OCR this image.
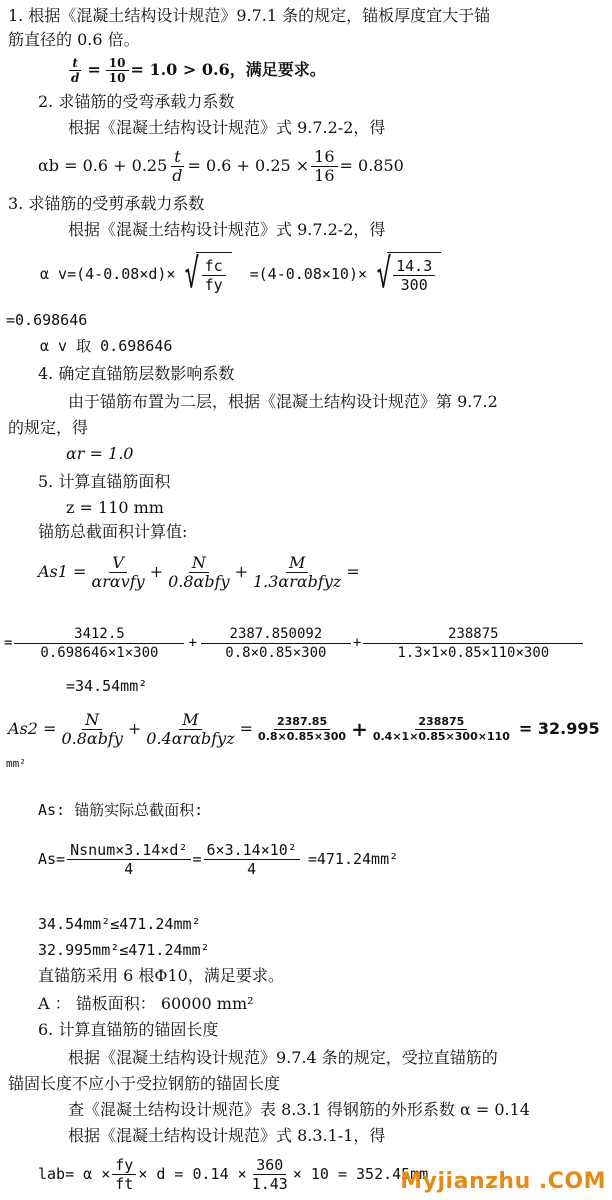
1. 根据《混凝土结构设计规范》9.7.1 条的规定，锚板厚度宜大于锚
筋直径的 0.6 倍。
$\frac{t}{d} = \frac{10}{10} = 1.0 > 0.6$，满足要求。
2. 求锚筋的受弯承载力系数
根据《混凝土结构设计规范》式 9.7.2-2，得
$\alpha b = 0.6 + 0.25 \frac{t}{d} = 0.6 + 0.25 \times \frac{16}{16} = 0.850$
3. 求锚筋的受剪承载力系数
根据《混凝土结构设计规范》式 9.7.2-2，得
α v=(4-0.08×d)× √ $\frac{fc}{fy} =(4-0.08\times 10)\times$ √ $\frac{14.3}{300}$
=0.698646
α v 取 0.698646
4. 确定直锚筋层数影响系数
由于锚筋布置为二层，根据《混凝土结构设计规范》第 9.7.2
的规定，得
αr = 1.0
5. 计算直锚筋面积
z = 110 mm
锚筋总截面积计算值:
$As1 = \frac{V}{\text{αrαvfy}} + \frac{N}{\text{0.8αbfy}} + \frac{M}{\text{1.3αrαbfyz}}$ =
= $\frac{3412.5}{0.698646\times 1\times 300} + \frac{2387.850092}{0.8\times 0.85\times 300} + \frac{238875}{1.3\times 1\times 0.85\times 110\times 300}$
=34.54mm²
$As2 = \frac{N}{\text{0.8αbfy}} + \frac{M}{\text{0.4αrαbfyz}} = \frac{2387.85}{0.8\times 0.85\times 300} + \frac{238875}{0.4\times 1\times 0.85\times 300\times 110} = 32.995$
mm²
As: 锚筋实际总截面积:
$As= \frac{\text{Nsnum×3.14×d²}}{4} = \frac{\text{6×3.14×10²}}{4} =471.24mm^2$
34.54mm²≤471.24mm²
32.995mm²≤471.24mm²
直锚筋采用 6 根Φ10，满足要求。
A ： 锚板面积： 60000 mm²
6. 计算直锚筋的锚固长度
根据《混凝土结构设计规范》9.7.4 条的规定，受拉直锚筋的
锚固长度不应小于受拉钢筋的锚固长度
查《混凝土结构设计规范》表 8.3.1 得钢筋的外形系数 α = 0.14
根据《混凝土结构设计规范》式 8.3.1-1，得
$lab= \alpha \times \frac{fy}{ft} \times d = 0.14 \times \frac{360}{1.43} \times 10 = 352.45mm$
Myjianzhu .COM
